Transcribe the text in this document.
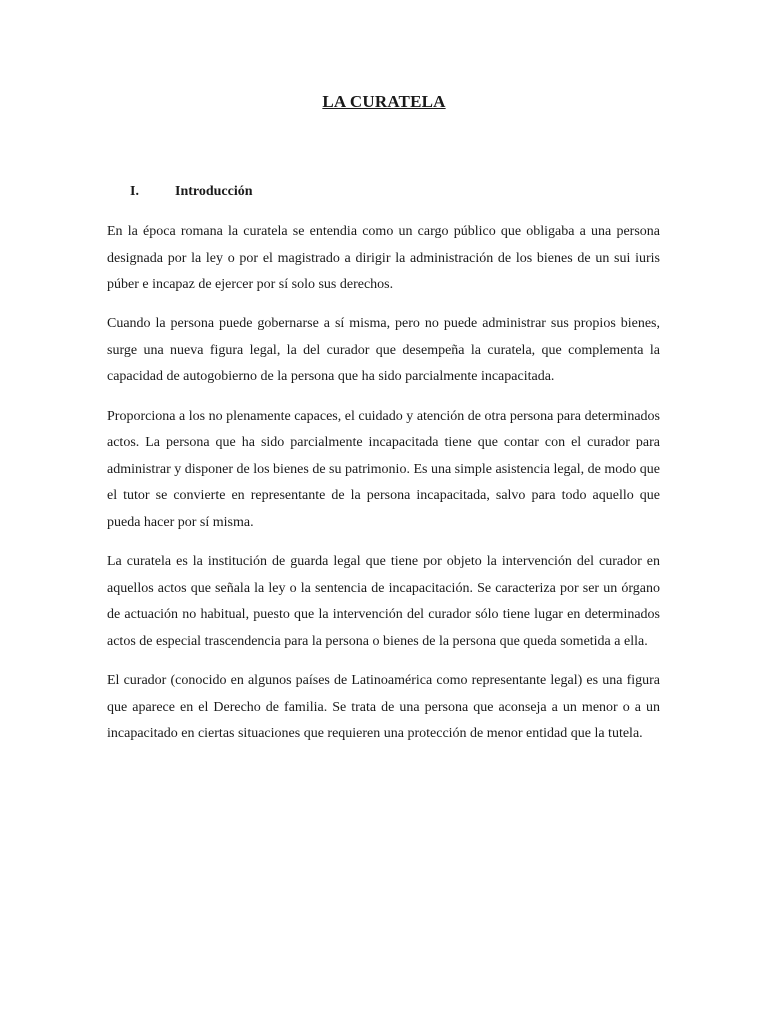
LA CURATELA
I.	Introducción

En la época romana la curatela se entendia como un cargo público que obligaba a una persona designada por la ley o por el magistrado a dirigir la administración de los bienes de un sui iuris púber e incapaz de ejercer por sí solo sus derechos.

Cuando la persona puede gobernarse a sí misma, pero no puede administrar sus propios bienes, surge una nueva figura legal, la del curador que desempeña la curatela, que complementa la capacidad de autogobierno de la persona que ha sido parcialmente incapacitada.

Proporciona a los no plenamente capaces, el cuidado y atención de otra persona para determinados actos. La persona que ha sido parcialmente incapacitada tiene que contar con el curador para administrar y disponer de los bienes de su patrimonio. Es una simple asistencia legal, de modo que el tutor se convierte en representante de la persona incapacitada, salvo para todo aquello que pueda hacer por sí misma.

La curatela es la institución de guarda legal que tiene por objeto la intervención del curador en aquellos actos que señala la ley o la sentencia de incapacitación. Se caracteriza por ser un órgano de actuación no habitual, puesto que la intervención del curador sólo tiene lugar en determinados actos de especial trascendencia para la persona o bienes de la persona que queda sometida a ella.

El curador (conocido en algunos países de Latinoamérica como representante legal) es una figura que aparece en el Derecho de familia. Se trata de una persona que aconseja a un menor o a un incapacitado en ciertas situaciones que requieren una protección de menor entidad que la tutela.
